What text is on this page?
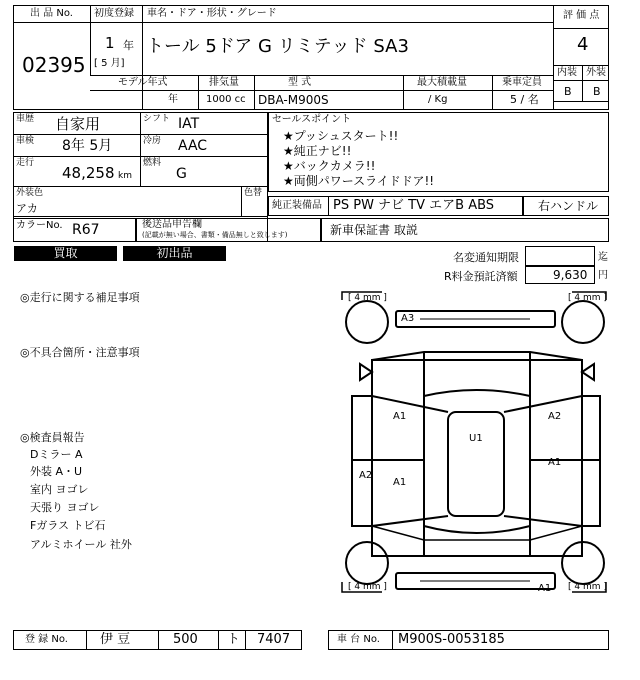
出 品 No.
02395
初度登録
1 年
[ 5 月]
車名・ドア・形状・グレード
トール 5ドア G リミテッド SA3
評 価 点
4
内装 外装
B B
モデル年式
年
排気量
1000 cc
型 式
DBA-M900S
最大積載量
/ Kg
乗車定員
5 / 名
車歴 自家用	シフト IAT
車検 8年 5月	冷房 AAC
走行
48,258 km
燃料
G
外装色
アカ
色替
カラーNo. R67	後送品申告欄
(記載が無い場合、書類・備品無しと致します)
セールスポイント
★プッシュスタート!!
★純正ナビ!!
★バックカメラ!!
★両側パワースライドドア!!
純正装備品 PS PW ナビ TV エアB ABS	右ハンドル
新車保証書 取説
買取	初出品	名変通知期限	迄
R料金預託済額	9,630 円
◎走行に関する補足事項
◎不具合箇所・注意事項
◎検査員報告
Dミラー A
外装 A・U
室内 ヨゴレ
天張り ヨゴレ
Fガラス トビ石
アルミホイール 社外
[ 4 mm ]	[ 4 mm ]
[ 4 mm ]	[ 4 mm ]
A3
A1	A2
U1
A1
A2
A1
A1
登 録 No. 伊 豆	500 ト 7407	車 台 No. M900S-0053185
